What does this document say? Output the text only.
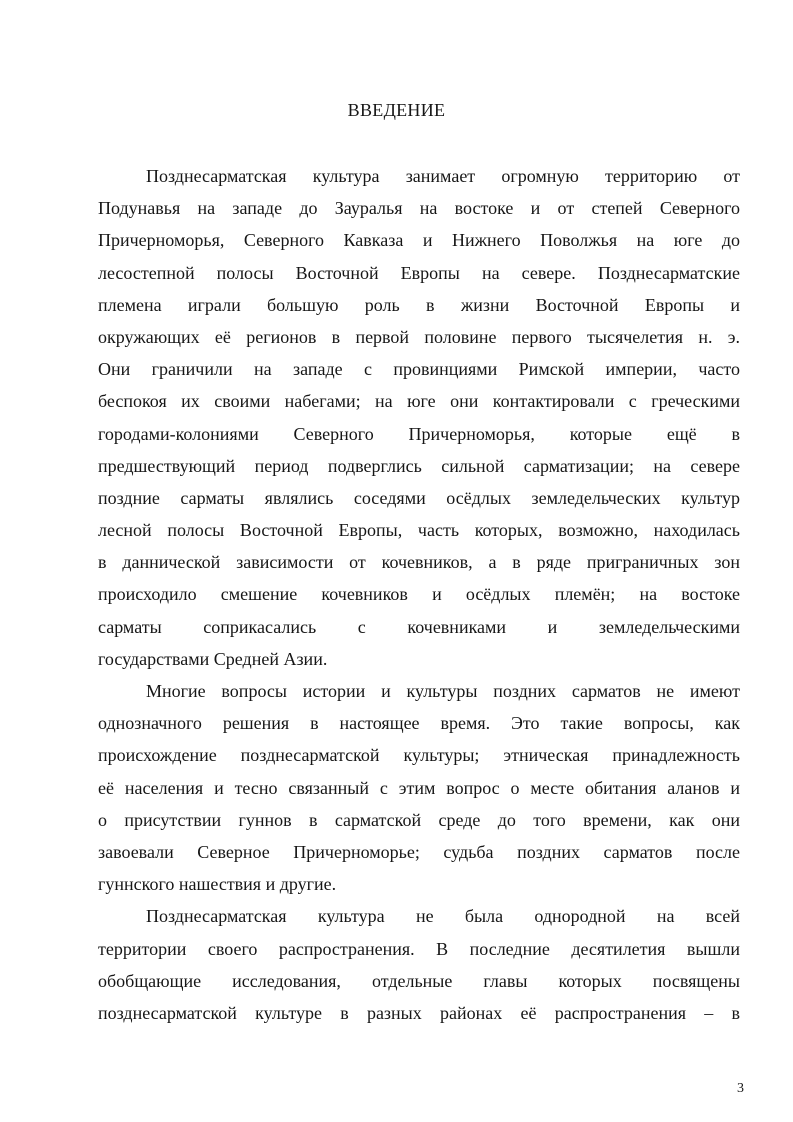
ВВЕДЕНИЕ
Позднесарматская культура занимает огромную территорию от
Подунавья на западе до Зауралья на востоке и от степей Северного
Причерноморья, Северного Кавказа и Нижнего Поволжья на юге до
лесостепной полосы Восточной Европы на севере. Позднесарматские
племена играли большую роль в жизни Восточной Европы и
окружающих её регионов в первой половине первого тысячелетия н. э.
Они граничили на западе с провинциями Римской империи, часто
беспокоя их своими набегами; на юге они контактировали с греческими
городами-колониями Северного Причерноморья, которые ещё в
предшествующий период подверглись сильной сарматизации; на севере
поздние сарматы являлись соседями осёдлых земледельческих культур
лесной полосы Восточной Европы, часть которых, возможно, находилась
в даннической зависимости от кочевников, а в ряде приграничных зон
происходило смешение кочевников и осёдлых племён; на востоке
сарматы соприкасались с кочевниками и земледельческими
государствами Средней Азии.
Многие вопросы истории и культуры поздних сарматов не имеют
однозначного решения в настоящее время. Это такие вопросы, как
происхождение позднесарматской культуры; этническая принадлежность
её населения и тесно связанный с этим вопрос о месте обитания аланов и
о присутствии гуннов в сарматской среде до того времени, как они
завоевали Северное Причерноморье; судьба поздних сарматов после
гуннского нашествия и другие.
Позднесарматская культура не была однородной на всей
территории своего распространения. В последние десятилетия вышли
обобщающие исследования, отдельные главы которых посвящены
позднесарматской культуре в разных районах её распространения – в
3
